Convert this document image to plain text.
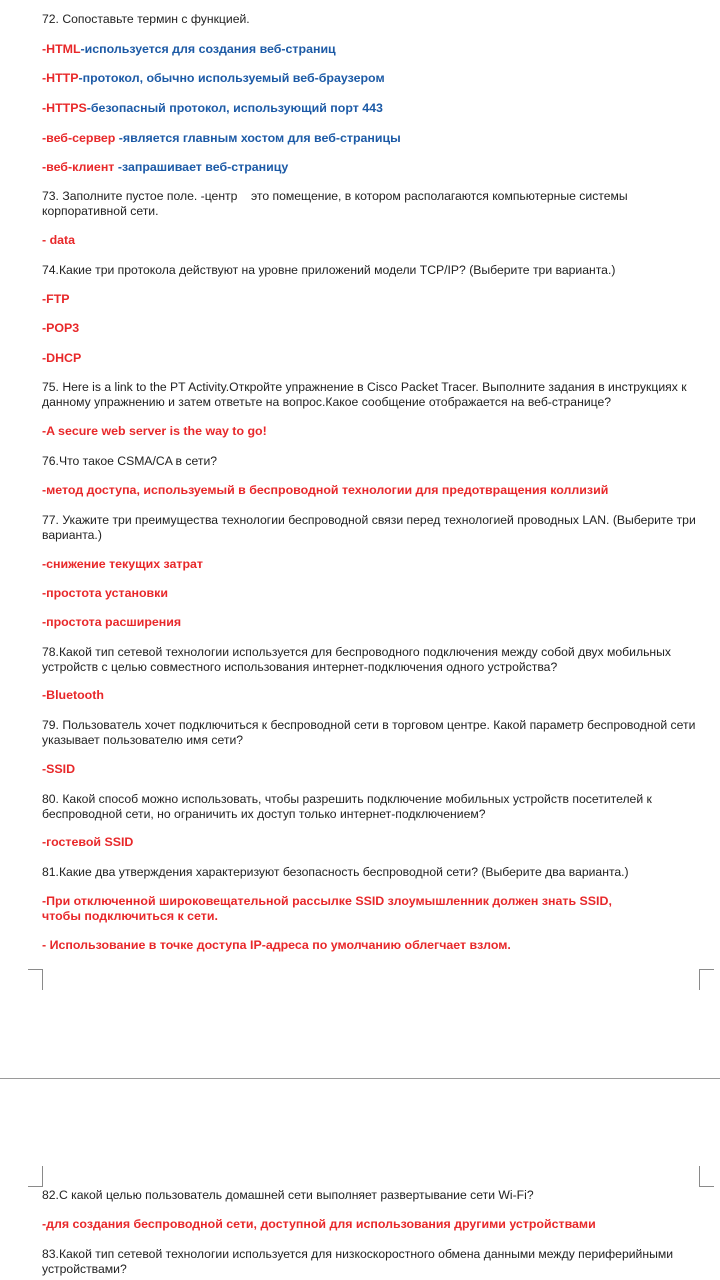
72. Сопоставьте термин с функцией.
-HTML-используется для создания веб-страниц
-HTTP-протокол, обычно используемый веб-браузером
-HTTPS-безопасный протокол, использующий порт 443
-веб-сервер -является главным хостом для веб-страницы
-веб-клиент -запрашивает веб-страницу
73. Заполните пустое поле. -центр    это помещение, в котором располагаются компьютерные системы корпоративной сети.
- data
74.Какие три протокола действуют на уровне приложений модели TCP/IP? (Выберите три варианта.)
-FTP
-POP3
-DHCP
75. Here is a link to the PT Activity.Откройте упражнение в Cisco Packet Tracer. Выполните задания в инструкциях к данному упражнению и затем ответьте на вопрос.Какое сообщение отображается на веб-странице?
-A secure web server is the way to go!
76.Что такое CSMA/CA в сети?
-метод доступа, используемый в беспроводной технологии для предотвращения коллизий
77. Укажите три преимущества технологии беспроводной связи перед технологией проводных LAN. (Выберите три варианта.)
-снижение текущих затрат
-простота установки
-простота расширения
78.Какой тип сетевой технологии используется для беспроводного подключения между собой двух мобильных устройств с целью совместного использования интернет-подключения одного устройства?
-Bluetooth
79. Пользователь хочет подключиться к беспроводной сети в торговом центре. Какой параметр беспроводной сети указывает пользователю имя сети?
-SSID
80. Какой способ можно использовать, чтобы разрешить подключение мобильных устройств посетителей к беспроводной сети, но ограничить их доступ только интернет-подключением?
-гостевой SSID
81.Какие два утверждения характеризуют безопасность беспроводной сети? (Выберите два варианта.)
-При отключенной широковещательной рассылке SSID злоумышленник должен знать SSID, чтобы подключиться к сети.
- Использование в точке доступа IP-адреса по умолчанию облегчает взлом.
82.С какой целью пользователь домашней сети выполняет развертывание сети Wi-Fi?
-для создания беспроводной сети, доступной для использования другими устройствами
83.Какой тип сетевой технологии используется для низкоскоростного обмена данными между периферийными устройствами?
